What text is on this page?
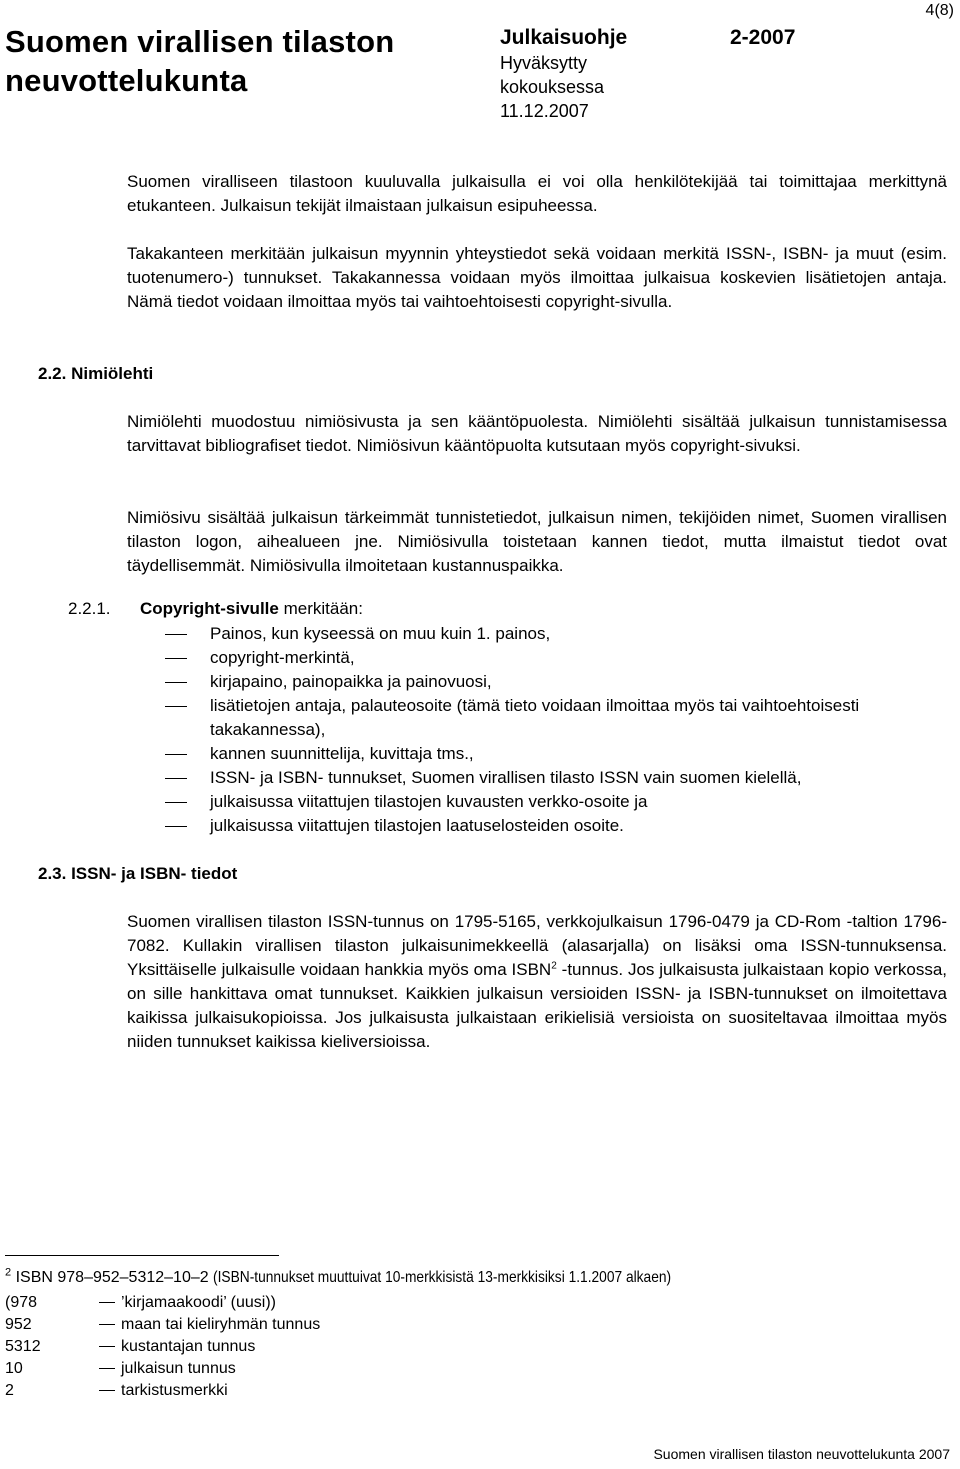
4(8)
Suomen virallisen tilaston
neuvottelukunta
Julkaisuohje
Hyväksytty
kokouksessa
11.12.2007
2-2007
Suomen viralliseen tilastoon kuuluvalla julkaisulla ei voi olla henkilötekijää tai toimittajaa merkittynä etukanteen. Julkaisun tekijät ilmaistaan julkaisun esipuheessa.
Takakanteen merkitään julkaisun myynnin yhteystiedot sekä voidaan merkitä ISSN-, ISBN- ja muut (esim. tuotenumero-) tunnukset. Takakannessa voidaan myös ilmoittaa julkaisua koskevien lisätietojen antaja. Nämä tiedot voidaan ilmoittaa myös tai vaihtoehtoisesti copyright-sivulla.
2.2. Nimiölehti
Nimiölehti muodostuu nimiösivusta ja sen kääntöpuolesta. Nimiölehti sisältää julkaisun tunnistamisessa tarvittavat bibliografiset tiedot. Nimiösivun kääntöpuolta kutsutaan myös copyright-sivuksi.
Nimiösivu sisältää julkaisun tärkeimmät tunnistetiedot, julkaisun nimen, tekijöiden nimet, Suomen virallisen tilaston logon, aihealueen jne. Nimiösivulla toistetaan kannen tiedot, mutta ilmaistut tiedot ovat täydellisemmät. Nimiösivulla ilmoitetaan kustannuspaikka.
2.2.1. Copyright-sivulle merkitään:
Painos, kun kyseessä on muu kuin 1. painos,
copyright-merkintä,
kirjapaino, painopaikka ja painovuosi,
lisätietojen antaja, palauteosoite (tämä tieto voidaan ilmoittaa myös tai vaihtoehtoisesti takakannessa),
kannen suunnittelija, kuvittaja tms.,
ISSN- ja ISBN- tunnukset, Suomen virallisen tilasto ISSN vain suomen kielellä,
julkaisussa viitattujen tilastojen kuvausten verkko-osoite ja
julkaisussa viitattujen tilastojen laatuselosteiden osoite.
2.3. ISSN- ja ISBN- tiedot
Suomen virallisen tilaston ISSN-tunnus on 1795-5165, verkkojulkaisun 1796-0479 ja CD-Rom -taltion 1796-7082. Kullakin virallisen tilaston julkaisunimekkeellä (alasarjalla) on lisäksi oma ISSN-tunnuksensa. Yksittäiselle julkaisulle voidaan hankkia myös oma ISBN$^2$ -tunnus. Jos julkaisusta julkaistaan kopio verkossa, on sille hankittava omat tunnukset. Kaikkien julkaisun versioiden ISSN- ja ISBN-tunnukset on ilmoitettava kaikissa julkaisukopioissa. Jos julkaisusta julkaistaan erikielisiä versioista on suositeltavaa ilmoittaa myös niiden tunnukset kaikissa kieliversioissa.
$^2$ ISBN 978–952–5312–10–2 (ISBN-tunnukset muuttuivat 10-merkkisistä 13-merkkisiksi 1.1.2007 alkaen)
(978	’kirjamaakoodi’ (uusi))
952	maan tai kieliryhmän tunnus
5312	kustantajan tunnus
10	julkaisun tunnus
2	tarkistusmerkki
Suomen virallisen tilaston neuvottelukunta 2007
